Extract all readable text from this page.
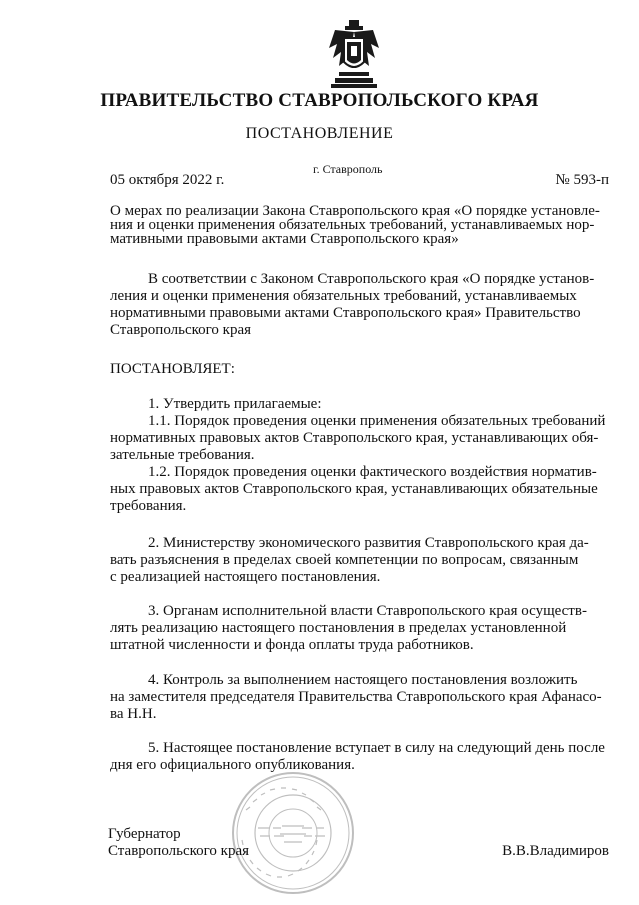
ПРАВИТЕЛЬСТВО СТАВРОПОЛЬСКОГО КРАЯ
ПОСТАНОВЛЕНИЕ
г. Ставрополь
05 октября 2022 г.	№ 593-п
О мерах по реализации Закона Ставропольского края «О порядке установле-
ния и оценки применения обязательных требований, устанавливаемых нор-
мативными правовыми актами Ставропольского края»
В соответствии с Законом Ставропольского края «О порядке установ-
ления и оценки применения обязательных требований, устанавливаемых
нормативными правовыми актами Ставропольского края» Правительство
Ставропольского края
ПОСТАНОВЛЯЕТ:
1. Утвердить прилагаемые:
1.1. Порядок проведения оценки применения обязательных требований
нормативных правовых актов Ставропольского края, устанавливающих обя-
зательные требования.
1.2. Порядок проведения оценки фактического воздействия норматив-
ных правовых актов Ставропольского края, устанавливающих обязательные
требования.
2. Министерству экономического развития Ставропольского края да-
вать разъяснения в пределах своей компетенции по вопросам, связанным
с реализацией настоящего постановления.
3. Органам исполнительной власти Ставропольского края осуществ-
лять реализацию настоящего постановления в пределах установленной
штатной численности и фонда оплаты труда работников.
4. Контроль за выполнением настоящего постановления возложить
на заместителя председателя Правительства Ставропольского края Афанасо-
ва Н.Н.
5. Настоящее постановление вступает в силу на следующий день после
дня его официального опубликования.
Губернатор
Ставропольского края	В.В.Владимиров
